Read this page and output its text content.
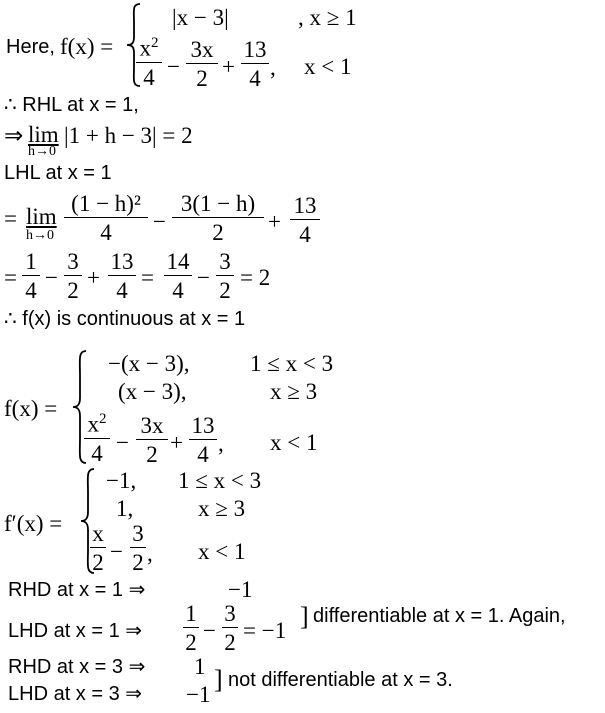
Here, f(x) =
|x − 3|	, x ≥ 1
$x^2$
4 −
3x
2 +
13
4 , x < 1
∴ RHL at x = 1,
⇒ lim
h→0
|1 + h − 3| = 2
LHL at x = 1
= lim
h→0
(1 − h)²
4	−
3(1 − h)
2	+
13
4
=
1
4
−
3
2
+
13
4
=
14
4
−
3
2
= 2
∴ f(x) is continuous at x = 1
f(x) =
−(x − 3),	1 ≤ x < 3
(x − 3),	x ≥ 3
$x^2$
4 −
3x
2 +
13
4 , x < 1
f′(x) =
−1, 1 ≤ x < 3
1,	x ≥ 3
x
2 −
3
2 , x < 1
RHD at x = 1 ⇒	−1
LHD at x = 1 ⇒
1
2 −
3
2 = −1 ] differentiable at x = 1. Again,
RHD at x = 3 ⇒ 1
LHD at x = 3 ⇒ −1
] not differentiable at x = 3.
